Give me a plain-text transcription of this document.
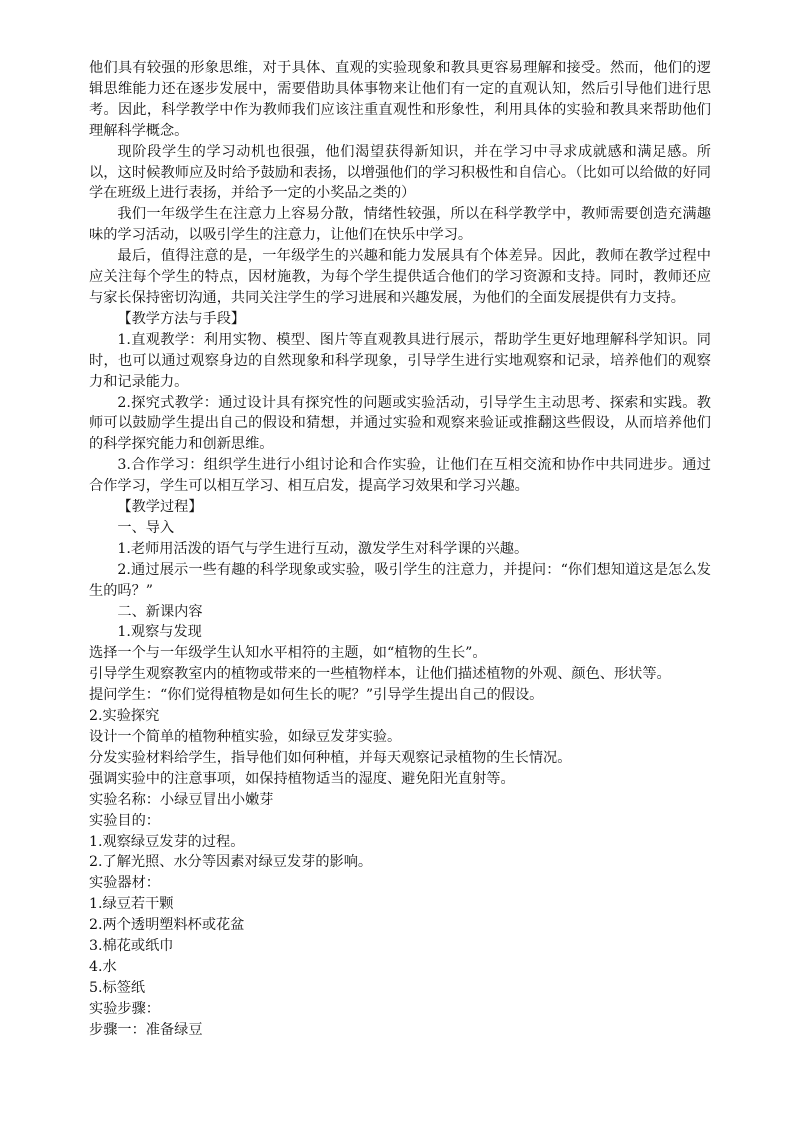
他们具有较强的形象思维，对于具体、直观的实验现象和教具更容易理解和接受。然而，他们的逻辑思维能力还在逐步发展中，需要借助具体事物来让他们有一定的直观认知，然后引导他们进行思考。因此，科学教学中作为教师我们应该注重直观性和形象性，利用具体的实验和教具来帮助他们理解科学概念。

现阶段学生的学习动机也很强，他们渴望获得新知识，并在学习中寻求成就感和满足感。所以，这时候教师应及时给予鼓励和表扬，以增强他们的学习积极性和自信心。（比如可以给做的好同学在班级上进行表扬，并给予一定的小奖品之类的）

我们一年级学生在注意力上容易分散，情绪性较强，所以在科学教学中，教师需要创造充满趣味的学习活动，以吸引学生的注意力，让他们在快乐中学习。

最后，值得注意的是，一年级学生的兴趣和能力发展具有个体差异。因此，教师在教学过程中应关注每个学生的特点，因材施教，为每个学生提供适合他们的学习资源和支持。同时，教师还应与家长保持密切沟通，共同关注学生的学习进展和兴趣发展，为他们的全面发展提供有力支持。

【教学方法与手段】

1.直观教学：利用实物、模型、图片等直观教具进行展示，帮助学生更好地理解科学知识。同时，也可以通过观察身边的自然现象和科学现象，引导学生进行实地观察和记录，培养他们的观察力和记录能力。

2.探究式教学：通过设计具有探究性的问题或实验活动，引导学生主动思考、探索和实践。教师可以鼓励学生提出自己的假设和猜想，并通过实验和观察来验证或推翻这些假设，从而培养他们的科学探究能力和创新思维。

3.合作学习：组织学生进行小组讨论和合作实验，让他们在互相交流和协作中共同进步。通过合作学习，学生可以相互学习、相互启发，提高学习效果和学习兴趣。

【教学过程】

一、导入

1.老师用活泼的语气与学生进行互动，激发学生对科学课的兴趣。

2.通过展示一些有趣的科学现象或实验，吸引学生的注意力，并提问：“你们想知道这是怎么发生的吗？”

二、新课内容

1.观察与发现

选择一个与一年级学生认知水平相符的主题，如“植物的生长”。

引导学生观察教室内的植物或带来的一些植物样本，让他们描述植物的外观、颜色、形状等。

提问学生：“你们觉得植物是如何生长的呢？”引导学生提出自己的假设。

2.实验探究

设计一个简单的植物种植实验，如绿豆发芽实验。

分发实验材料给学生，指导他们如何种植，并每天观察记录植物的生长情况。

强调实验中的注意事项，如保持植物适当的湿度、避免阳光直射等。

实验名称：小绿豆冒出小嫩芽

实验目的：

1.观察绿豆发芽的过程。

2.了解光照、水分等因素对绿豆发芽的影响。

实验器材：

1.绿豆若干颗

2.两个透明塑料杯或花盆

3.棉花或纸巾

4.水

5.标签纸

实验步骤：

步骤一：准备绿豆
